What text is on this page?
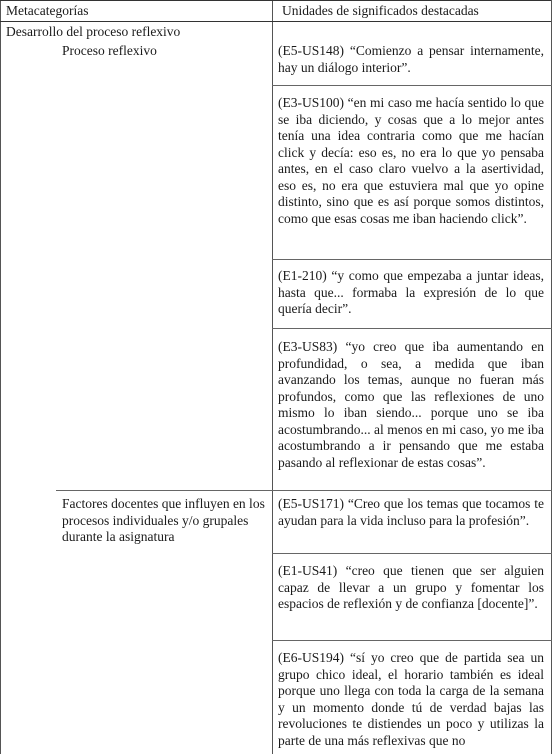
Metacategorías	Unidades de significados destacadas
Desarrollo del proceso reflexivo
Proceso reflexivo	(E5-US148) “Comienzo a pensar internamente, hay un diálogo interior”.
(E3-US100) “en mi caso me hacía sentido lo que se iba diciendo, y cosas que a lo mejor antes tenía una idea contraria como que me hacían click y decía: eso es, no era lo que yo pensaba antes, en el caso claro vuelvo a la asertividad, eso es, no era que estuviera mal que yo opine distinto, sino que es así porque somos distintos, como que esas cosas me iban haciendo click”.
(E1-210) “y como que empezaba a juntar ideas, hasta que... formaba la expresión de lo que quería decir”.
(E3-US83) “yo creo que iba aumentando en profundidad, o sea, a medida que iban avanzando los temas, aunque no fueran más profundos, como que las reflexiones de uno mismo lo iban siendo... porque uno se iba acostumbrando... al menos en mi caso, yo me iba acostumbrando a ir pensando que me estaba pasando al reflexionar de estas cosas”.
Factores docentes que influyen en los procesos individuales y/o grupales durante la asignatura
(E5-US171) “Creo que los temas que tocamos te ayudan para la vida incluso para la profesión”.
(E1-US41) “creo que tienen que ser alguien capaz de llevar a un grupo y fomentar los espacios de reflexión y de confianza [docente]”.
(E6-US194) “sí yo creo que de partida sea un grupo chico ideal, el horario también es ideal porque uno llega con toda la carga de la semana y un momento donde tú de verdad bajas las revoluciones te distiendes un poco y utilizas la parte de una más reflexivas que no
